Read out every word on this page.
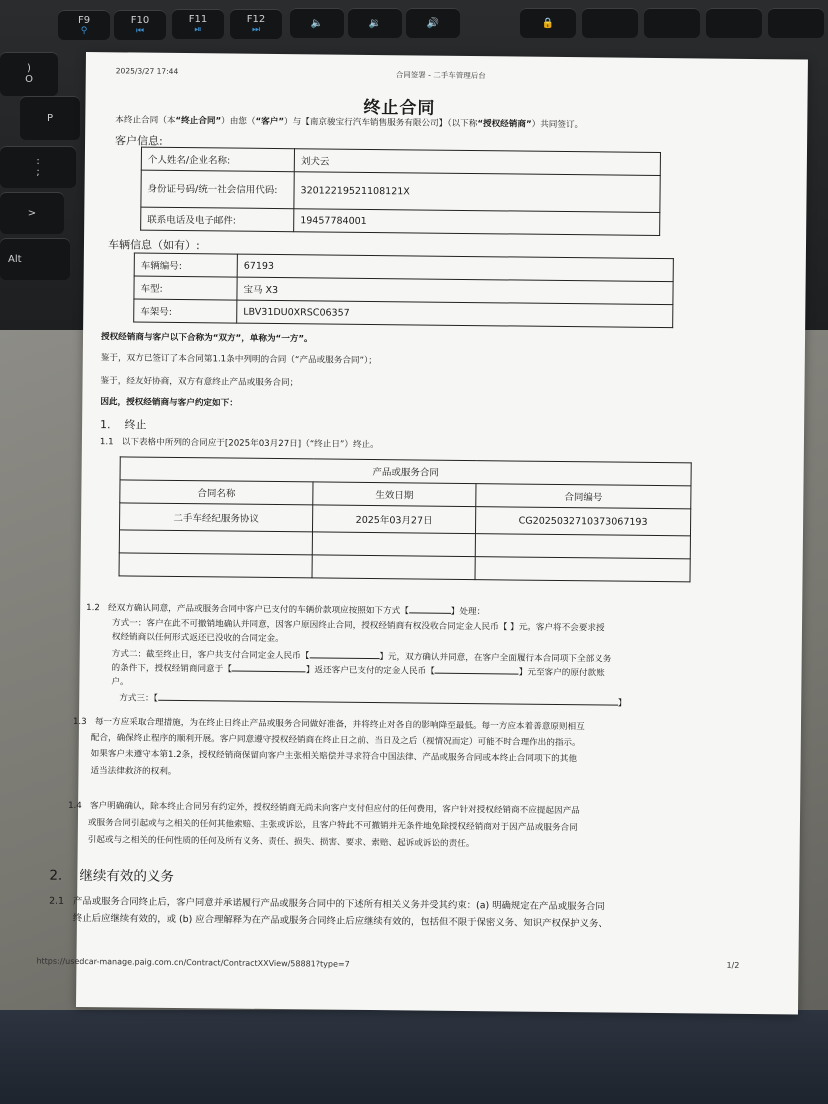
F9
⚲
F10
⏮
F11
⏯
F12
⏭
🔈	🔉	🔊	🔒
)
O
P
:
;
>
Alt
2025/3/27 17:44	合同签署 - 二手车管理后台
终止合同
本终止合同（本“终止合同”）由您（“客户”）与【南京骏宝行汽车销售服务有限公司】（以下称“授权经销商”）共同签订。
客户信息:
个人姓名/企业名称:	刘犬云
身份证号码/统一社会信用代码:	32012219521108121X
联系电话及电子邮件:	19457784001
车辆信息（如有）:
车辆编号:	67193
车型:	宝马 X3
车架号:	LBV31DU0XRSC06357
授权经销商与客户以下合称为“双方”，单称为“一方”。
鉴于，双方已签订了本合同第1.1条中列明的合同（“产品或服务合同”）；
鉴于，经友好协商，双方有意终止产品或服务合同；
因此，授权经销商与客户约定如下：
1. 终止
1.1 以下表格中所列的合同应于[2025年03月27日]（“终止日”）终止。
产品或服务合同		
合同名称	生效日期	合同编号
二手车经纪服务协议	2025年03月27日	CG2025032710373067193

1.2 经双方确认同意，产品或服务合同中客户已支付的车辆价款项应按照如下方式【	】处理：
方式一：客户在此不可撤销地确认并同意，因客户原因终止合同，授权经销商有权没收合同定金人民币【 】元。客户将不会要求授
权经销商以任何形式返还已没收的合同定金。
方式二：截至终止日，客户共支付合同定金人民币【	】元，双方确认并同意，在客户全面履行本合同项下全部义务
的条件下，授权经销商同意于【	】返还客户已支付的定金人民币【	】元至客户的原付款账
户。
方式三：【	】
1.3 每一方应采取合理措施，为在终止日终止产品或服务合同做好准备，并将终止对各自的影响降至最低。每一方应本着善意原则相互
配合，确保终止程序的顺利开展。客户同意遵守授权经销商在终止日之前、当日及之后（视情况而定）可能不时合理作出的指示。
如果客户未遵守本第1.2条，授权经销商保留向客户主张相关赔偿并寻求符合中国法律、产品或服务合同或本终止合同项下的其他
适当法律救济的权利。
1.4 客户明确确认，除本终止合同另有约定外，授权经销商无尚未向客户支付但应付的任何费用，客户针对授权经销商不应提起因产品
或服务合同引起或与之相关的任何其他索赔、主张或诉讼，且客户特此不可撤销并无条件地免除授权经销商对于因产品或服务合同
引起或与之相关的任何性质的任何及所有义务、责任、损失、损害、要求、索赔、起诉或诉讼的责任。
2. 继续有效的义务
2.1 产品或服务合同终止后，客户同意并承诺履行产品或服务合同中的下述所有相关义务并受其约束：(a) 明确规定在产品或服务合同
终止后应继续有效的，或 (b) 应合理解释为在产品或服务合同终止后应继续有效的，包括但不限于保密义务、知识产权保护义务、
https://usedcar-manage.paig.com.cn/Contract/ContractXXView/58881?type=7	1/2
